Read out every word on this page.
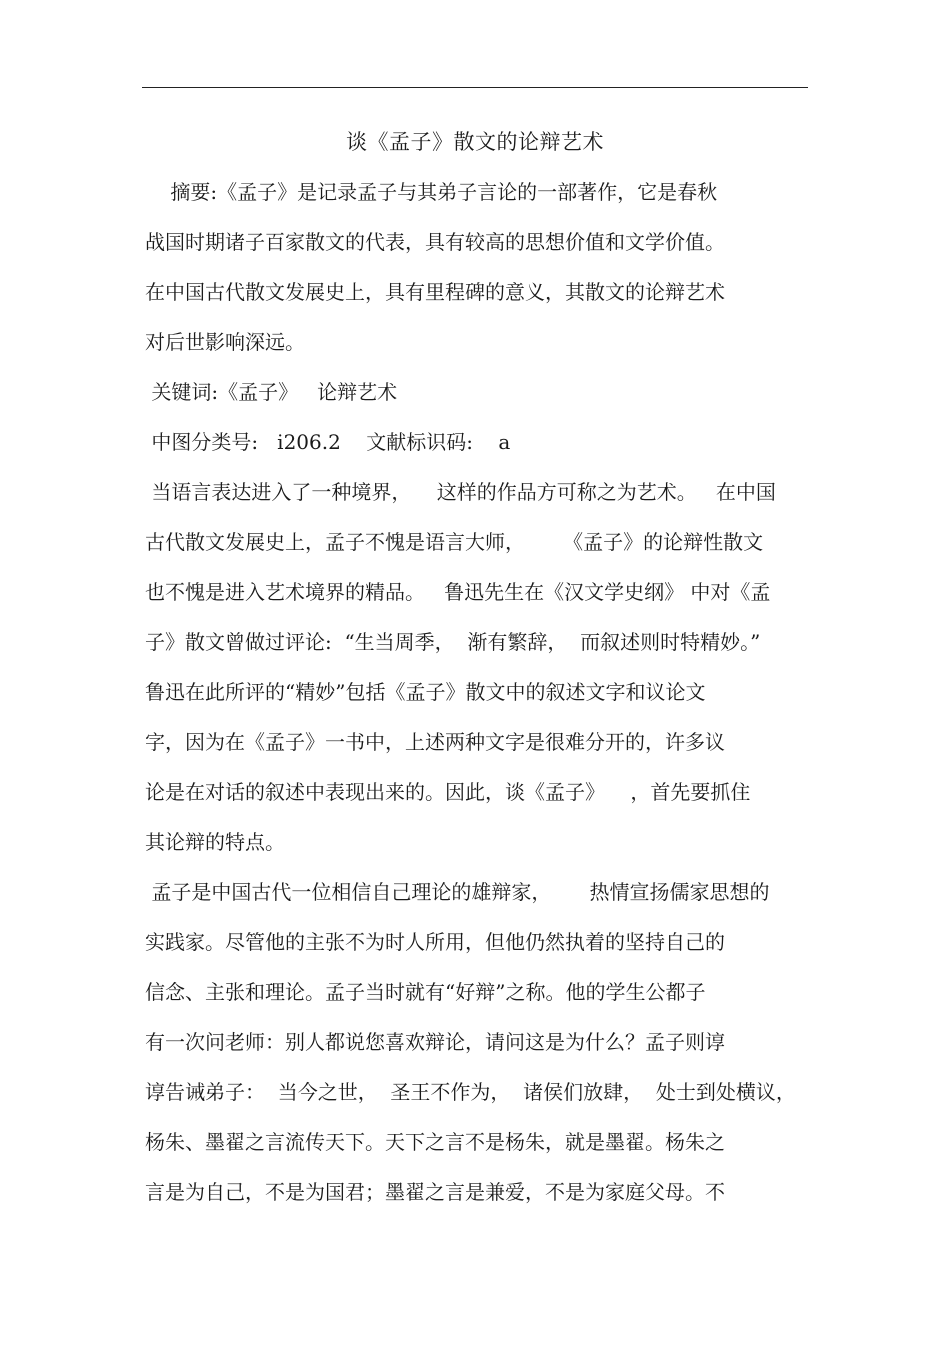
谈《孟子》散文的论辩艺术
摘要:《孟子》是记录孟子与其弟子言论的一部著作，它是春秋
战国时期诸子百家散文的代表，具有较高的思想价值和文学价值。
在中国古代散文发展史上，具有里程碑的意义，其散文的论辩艺术
对后世影响深远。
关键词:《孟子》   论辩艺术
中图分类号:   i206.2    文献标识码:    a
当语言表达进入了一种境界，    这样的作品方可称之为艺术。   在中国
古代散文发展史上，孟子不愧是语言大师，      《孟子》的论辩性散文
也不愧是进入艺术境界的精品。   鲁迅先生在《汉文学史纲》 中对《孟
子》散文曾做过评论:  “生当周季，  渐有繁辞，  而叙述则时特精妙。”
鲁迅在此所评的“精妙”包括《孟子》散文中的叙述文字和议论文
字，因为在《孟子》一书中，上述两种文字是很难分开的，许多议
论是在对话的叙述中表现出来的。因此，谈《孟子》    ，首先要抓住
其论辩的特点。
孟子是中国古代一位相信自己理论的雄辩家，      热情宣扬儒家思想的
实践家。尽管他的主张不为时人所用，但他仍然执着的坚持自己的
信念、主张和理论。孟子当时就有“好辩”之称。他的学生公都子
有一次问老师：别人都说您喜欢辩论，请问这是为什么？孟子则谆
谆告诫弟子：  当今之世，  圣王不作为，  诸侯们放肆，  处士到处横议，
杨朱、墨翟之言流传天下。天下之言不是杨朱，就是墨翟。杨朱之
言是为自己，不是为国君；墨翟之言是兼爱，不是为家庭父母。不
